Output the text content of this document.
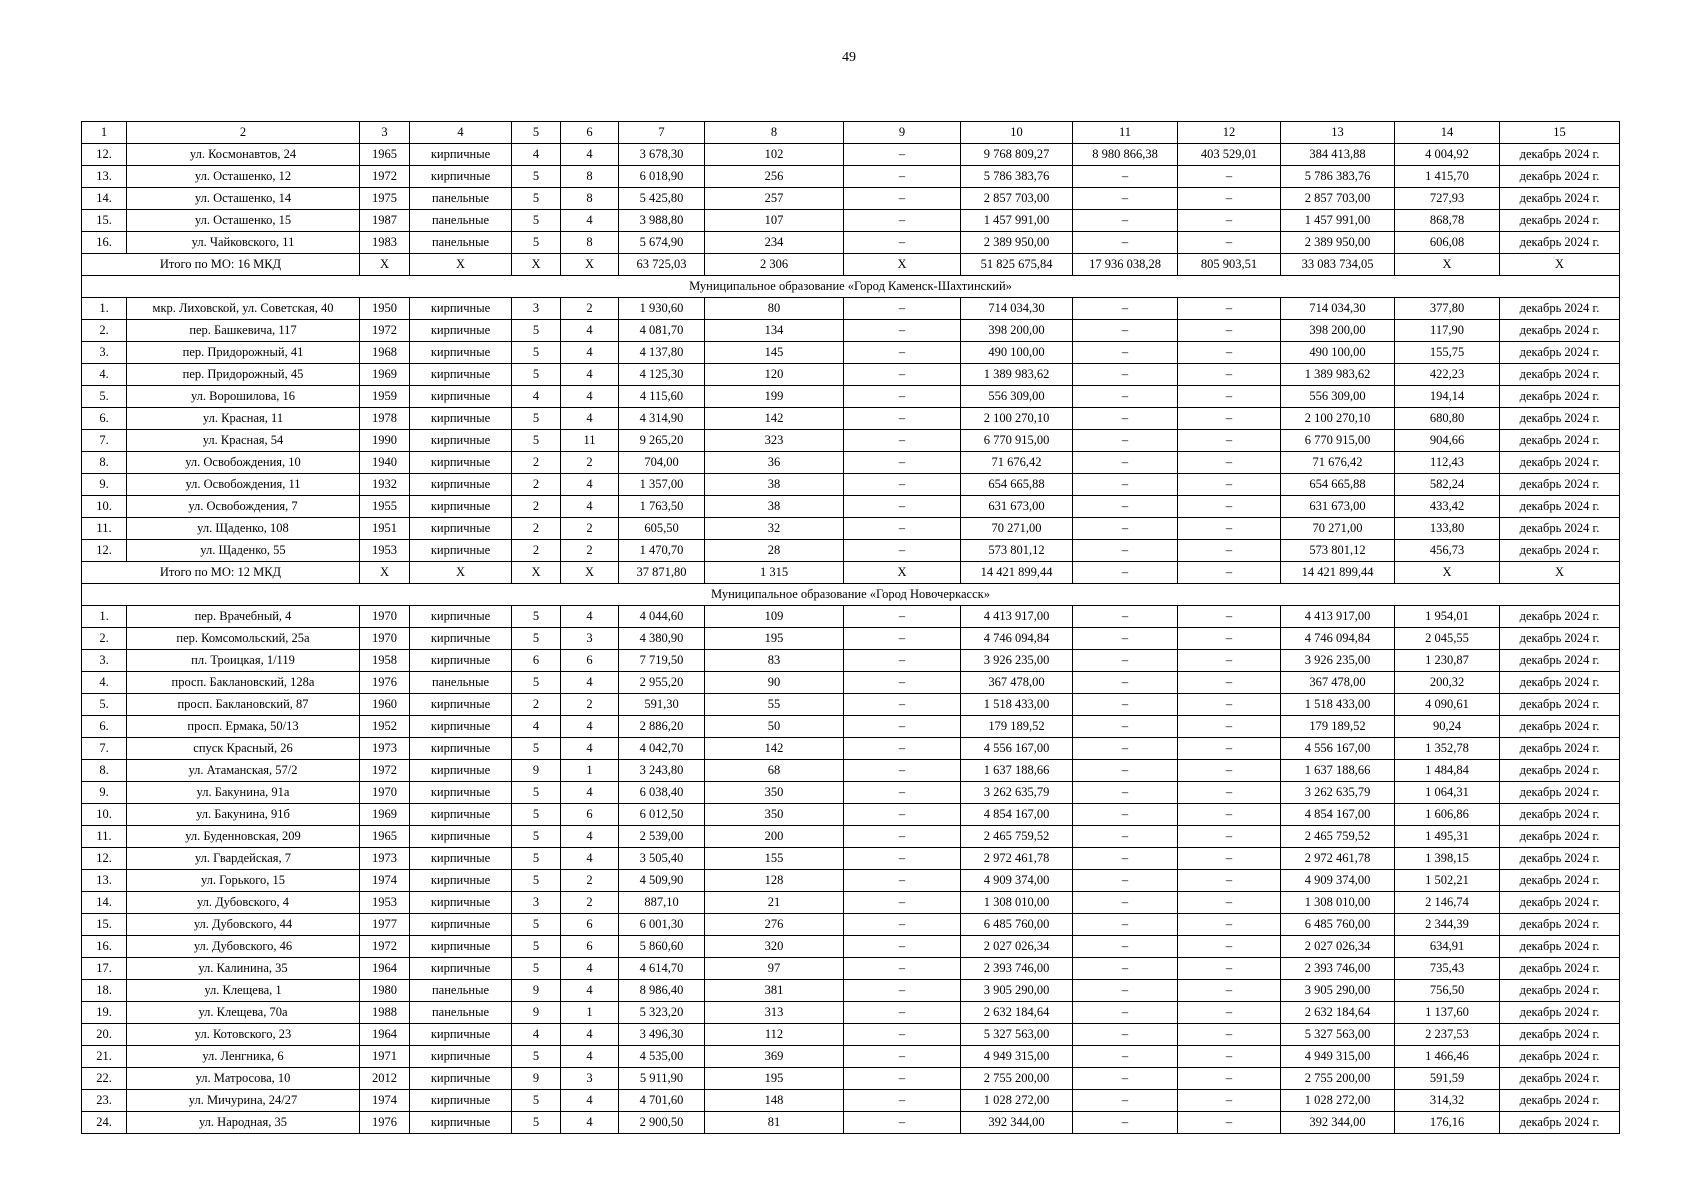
49
1	2	3	4	5	6	7	8	9	10	11	12	13	14	15
12.	ул. Космонавтов, 24	1965	кирпичные	4	4	3 678,30	102	–	9 768 809,27	8 980 866,38	403 529,01	384 413,88	4 004,92	декабрь 2024 г.
13.	ул. Осташенко, 12	1972	кирпичные	5	8	6 018,90	256	–	5 786 383,76	–	–	5 786 383,76	1 415,70	декабрь 2024 г.
14.	ул. Осташенко, 14	1975	панельные	5	8	5 425,80	257	–	2 857 703,00	–	–	2 857 703,00	727,93	декабрь 2024 г.
15.	ул. Осташенко, 15	1987	панельные	5	4	3 988,80	107	–	1 457 991,00	–	–	1 457 991,00	868,78	декабрь 2024 г.
16.	ул. Чайковского, 11	1983	панельные	5	8	5 674,90	234	–	2 389 950,00	–	–	2 389 950,00	606,08	декабрь 2024 г.
Итого по МО: 16 МКД		X	X	X	X	63 725,03	2 306	X	51 825 675,84	17 936 038,28	805 903,51	33 083 734,05	X	X
Муниципальное образование «Город Каменск-Шахтинский»														
1.	мкр. Лиховской, ул. Советская, 40	1950	кирпичные	3	2	1 930,60	80	–	714 034,30	–	–	714 034,30	377,80	декабрь 2024 г.
2.	пер. Башкевича, 117	1972	кирпичные	5	4	4 081,70	134	–	398 200,00	–	–	398 200,00	117,90	декабрь 2024 г.
3.	пер. Придорожный, 41	1968	кирпичные	5	4	4 137,80	145	–	490 100,00	–	–	490 100,00	155,75	декабрь 2024 г.
4.	пер. Придорожный, 45	1969	кирпичные	5	4	4 125,30	120	–	1 389 983,62	–	–	1 389 983,62	422,23	декабрь 2024 г.
5.	ул. Ворошилова, 16	1959	кирпичные	4	4	4 115,60	199	–	556 309,00	–	–	556 309,00	194,14	декабрь 2024 г.
6.	ул. Красная, 11	1978	кирпичные	5	4	4 314,90	142	–	2 100 270,10	–	–	2 100 270,10	680,80	декабрь 2024 г.
7.	ул. Красная, 54	1990	кирпичные	5	11	9 265,20	323	–	6 770 915,00	–	–	6 770 915,00	904,66	декабрь 2024 г.
8.	ул. Освобождения, 10	1940	кирпичные	2	2	704,00	36	–	71 676,42	–	–	71 676,42	112,43	декабрь 2024 г.
9.	ул. Освобождения, 11	1932	кирпичные	2	4	1 357,00	38	–	654 665,88	–	–	654 665,88	582,24	декабрь 2024 г.
10.	ул. Освобождения, 7	1955	кирпичные	2	4	1 763,50	38	–	631 673,00	–	–	631 673,00	433,42	декабрь 2024 г.
11.	ул. Щаденко, 108	1951	кирпичные	2	2	605,50	32	–	70 271,00	–	–	70 271,00	133,80	декабрь 2024 г.
12.	ул. Щаденко, 55	1953	кирпичные	2	2	1 470,70	28	–	573 801,12	–	–	573 801,12	456,73	декабрь 2024 г.
Итого по МО: 12 МКД		X	X	X	X	37 871,80	1 315	X	14 421 899,44	–	–	14 421 899,44	X	X
Муниципальное образование «Город Новочеркасск»														
1.	пер. Врачебный, 4	1970	кирпичные	5	4	4 044,60	109	–	4 413 917,00	–	–	4 413 917,00	1 954,01	декабрь 2024 г.
2.	пер. Комсомольский, 25а	1970	кирпичные	5	3	4 380,90	195	–	4 746 094,84	–	–	4 746 094,84	2 045,55	декабрь 2024 г.
3.	пл. Троицкая, 1/119	1958	кирпичные	6	6	7 719,50	83	–	3 926 235,00	–	–	3 926 235,00	1 230,87	декабрь 2024 г.
4.	просп. Баклановский, 128а	1976	панельные	5	4	2 955,20	90	–	367 478,00	–	–	367 478,00	200,32	декабрь 2024 г.
5.	просп. Баклановский, 87	1960	кирпичные	2	2	591,30	55	–	1 518 433,00	–	–	1 518 433,00	4 090,61	декабрь 2024 г.
6.	просп. Ермака, 50/13	1952	кирпичные	4	4	2 886,20	50	–	179 189,52	–	–	179 189,52	90,24	декабрь 2024 г.
7.	спуск Красный, 26	1973	кирпичные	5	4	4 042,70	142	–	4 556 167,00	–	–	4 556 167,00	1 352,78	декабрь 2024 г.
8.	ул. Атаманская, 57/2	1972	кирпичные	9	1	3 243,80	68	–	1 637 188,66	–	–	1 637 188,66	1 484,84	декабрь 2024 г.
9.	ул. Бакунина, 91а	1970	кирпичные	5	4	6 038,40	350	–	3 262 635,79	–	–	3 262 635,79	1 064,31	декабрь 2024 г.
10.	ул. Бакунина, 91б	1969	кирпичные	5	6	6 012,50	350	–	4 854 167,00	–	–	4 854 167,00	1 606,86	декабрь 2024 г.
11.	ул. Буденновская, 209	1965	кирпичные	5	4	2 539,00	200	–	2 465 759,52	–	–	2 465 759,52	1 495,31	декабрь 2024 г.
12.	ул. Гвардейская, 7	1973	кирпичные	5	4	3 505,40	155	–	2 972 461,78	–	–	2 972 461,78	1 398,15	декабрь 2024 г.
13.	ул. Горького, 15	1974	кирпичные	5	2	4 509,90	128	–	4 909 374,00	–	–	4 909 374,00	1 502,21	декабрь 2024 г.
14.	ул. Дубовского, 4	1953	кирпичные	3	2	887,10	21	–	1 308 010,00	–	–	1 308 010,00	2 146,74	декабрь 2024 г.
15.	ул. Дубовского, 44	1977	кирпичные	5	6	6 001,30	276	–	6 485 760,00	–	–	6 485 760,00	2 344,39	декабрь 2024 г.
16.	ул. Дубовского, 46	1972	кирпичные	5	6	5 860,60	320	–	2 027 026,34	–	–	2 027 026,34	634,91	декабрь 2024 г.
17.	ул. Калинина, 35	1964	кирпичные	5	4	4 614,70	97	–	2 393 746,00	–	–	2 393 746,00	735,43	декабрь 2024 г.
18.	ул. Клещева, 1	1980	панельные	9	4	8 986,40	381	–	3 905 290,00	–	–	3 905 290,00	756,50	декабрь 2024 г.
19.	ул. Клещева, 70а	1988	панельные	9	1	5 323,20	313	–	2 632 184,64	–	–	2 632 184,64	1 137,60	декабрь 2024 г.
20.	ул. Котовского, 23	1964	кирпичные	4	4	3 496,30	112	–	5 327 563,00	–	–	5 327 563,00	2 237,53	декабрь 2024 г.
21.	ул. Ленгника, 6	1971	кирпичные	5	4	4 535,00	369	–	4 949 315,00	–	–	4 949 315,00	1 466,46	декабрь 2024 г.
22.	ул. Матросова, 10	2012	кирпичные	9	3	5 911,90	195	–	2 755 200,00	–	–	2 755 200,00	591,59	декабрь 2024 г.
23.	ул. Мичурина, 24/27	1974	кирпичные	5	4	4 701,60	148	–	1 028 272,00	–	–	1 028 272,00	314,32	декабрь 2024 г.
24.	ул. Народная, 35	1976	кирпичные	5	4	2 900,50	81	–	392 344,00	–	–	392 344,00	176,16	декабрь 2024 г.
